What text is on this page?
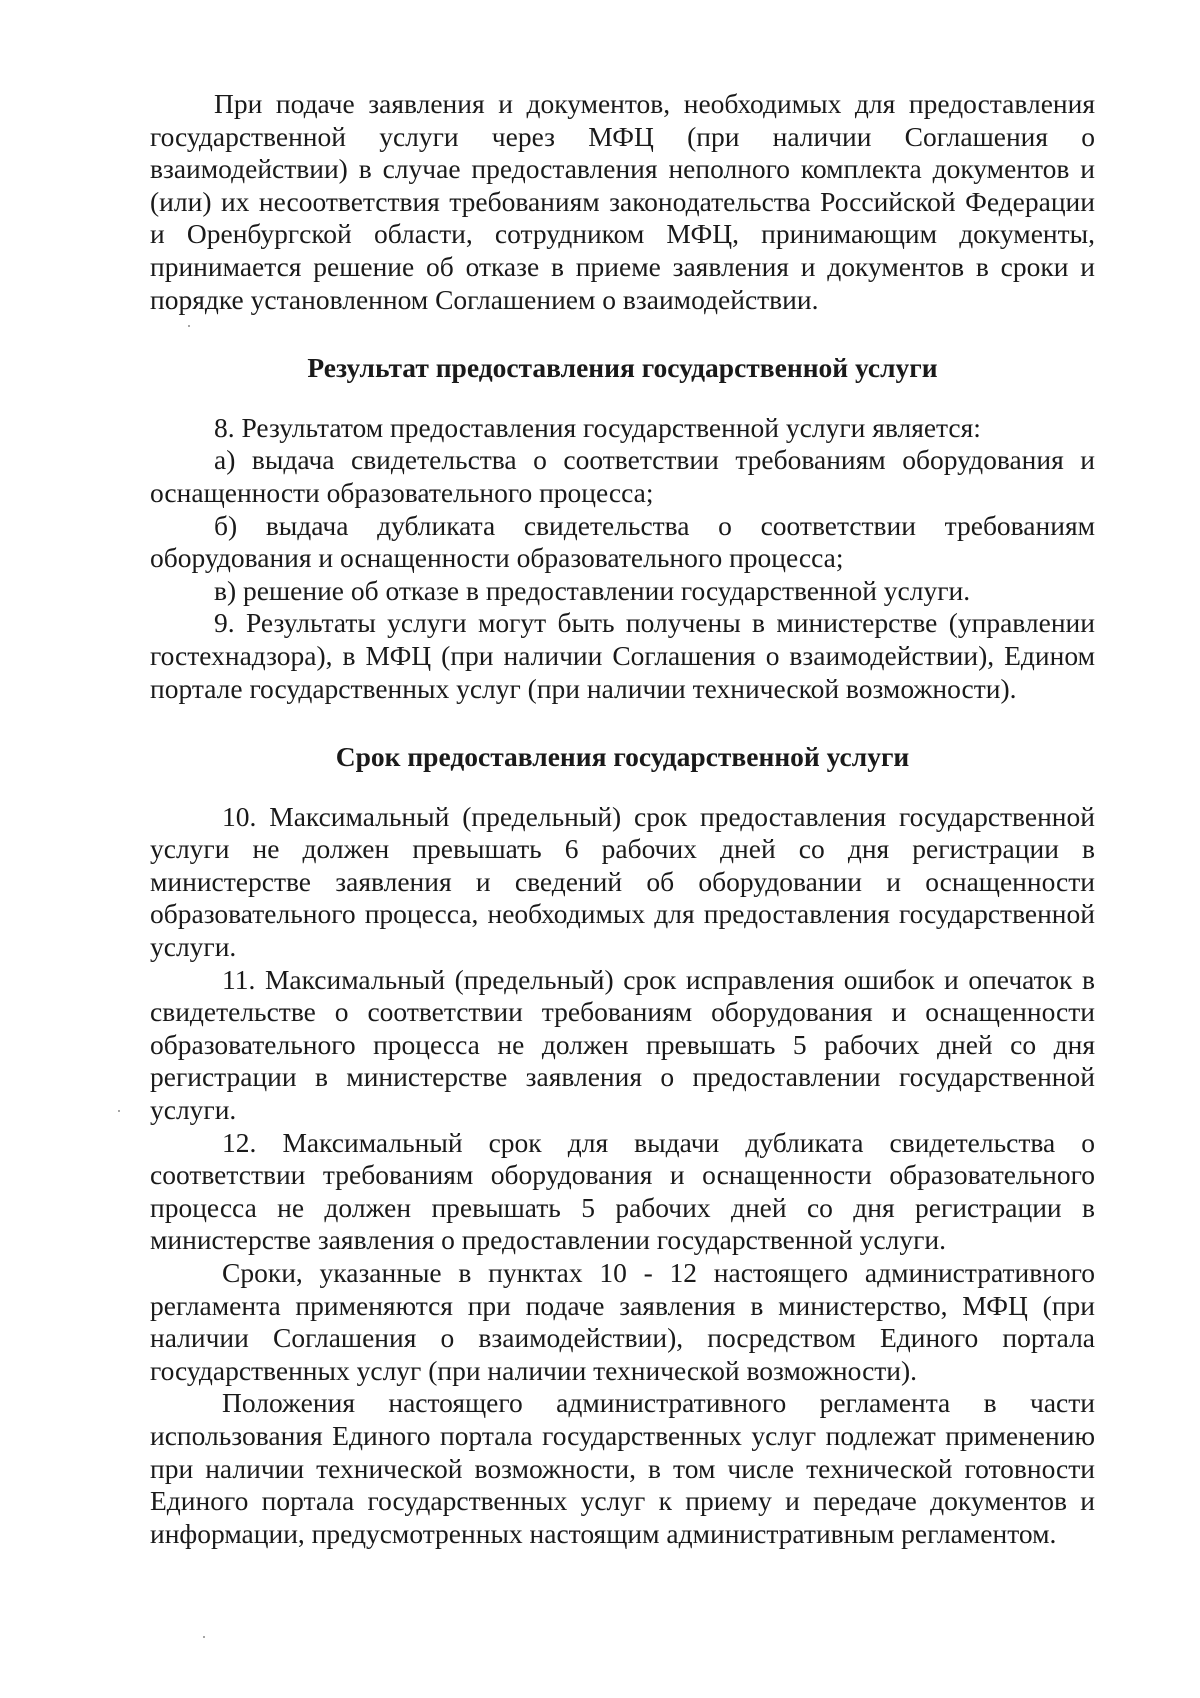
При подаче заявления и документов, необходимых для предоставления государственной услуги через МФЦ (при наличии Соглашения о взаимодействии) в случае предоставления неполного комплекта документов и (или) их несоответствия требованиям законодательства Российской Федерации и Оренбургской области, сотрудником МФЦ, принимающим документы, принимается решение об отказе в приеме заявления и документов в сроки и порядке установленном Соглашением о взаимодействии.

Результат предоставления государственной услуги

8. Результатом предоставления государственной услуги является:

а) выдача свидетельства о соответствии требованиям оборудования и оснащенности образовательного процесса;

б) выдача дубликата свидетельства о соответствии требованиям оборудования и оснащенности образовательного процесса;

в) решение об отказе в предоставлении государственной услуги.

9. Результаты услуги могут быть получены в министерстве (управлении гостехнадзора), в МФЦ (при наличии Соглашения о взаимодействии), Едином портале государственных услуг (при наличии технической возможности).

Срок предоставления государственной услуги

10. Максимальный (предельный) срок предоставления государственной услуги не должен превышать 6 рабочих дней со дня регистрации в министерстве заявления и сведений об оборудовании и оснащенности образовательного процесса, необходимых для предоставления государственной услуги.

11. Максимальный (предельный) срок исправления ошибок и опечаток в свидетельстве о соответствии требованиям оборудования и оснащенности образовательного процесса не должен превышать 5 рабочих дней со дня регистрации в министерстве заявления о предоставлении государственной услуги.

12. Максимальный срок для выдачи дубликата свидетельства о соответствии требованиям оборудования и оснащенности образовательного процесса не должен превышать 5 рабочих дней со дня регистрации в министерстве заявления о предоставлении государственной услуги.

Сроки, указанные в пунктах 10 - 12 настоящего административного регламента применяются при подаче заявления в министерство, МФЦ (при наличии Соглашения о взаимодействии), посредством Единого портала государственных услуг (при наличии технической возможности).

Положения настоящего административного регламента в части использования Единого портала государственных услуг подлежат применению при наличии технической возможности, в том числе технической готовности Единого портала государственных услуг к приему и передаче документов и информации, предусмотренных настоящим административным регламентом.
